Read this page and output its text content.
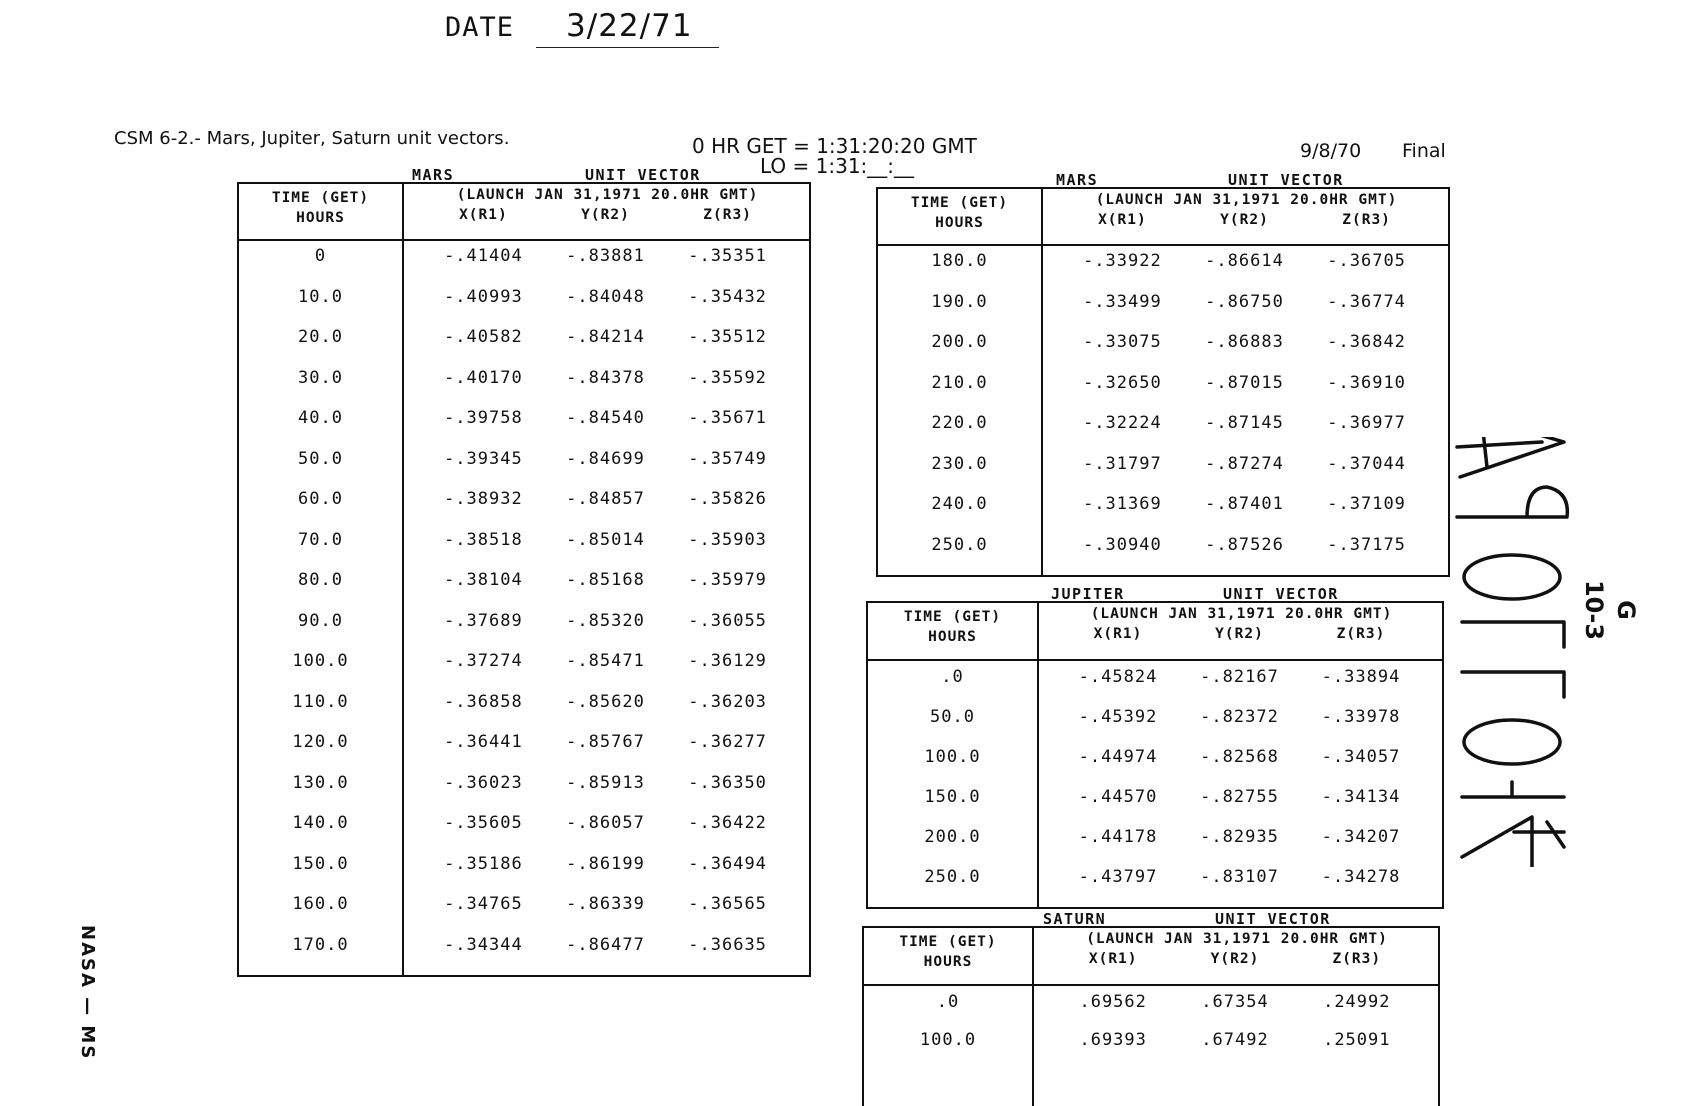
DATE 3/22/71
CSM 6-2.- Mars, Jupiter, Saturn unit vectors.	0 HR GET = 1:31:20:20 GMT
LO = 1:31:__:__
9/8/70 Final
MARS	UNIT VECTOR
TIME (GET)
HOURS
(LAUNCH JAN 31,1971 20.0HR GMT)
X(R1)	Y(R2)	Z(R3)
0	-.41404	-.83881	-.35351
10.0	-.40993	-.84048	-.35432
20.0	-.40582	-.84214	-.35512
30.0	-.40170	-.84378	-.35592
40.0	-.39758	-.84540	-.35671
50.0	-.39345	-.84699	-.35749
60.0	-.38932	-.84857	-.35826
70.0	-.38518	-.85014	-.35903
80.0	-.38104	-.85168	-.35979
90.0	-.37689	-.85320	-.36055
100.0	-.37274	-.85471	-.36129
110.0	-.36858	-.85620	-.36203
120.0	-.36441	-.85767	-.36277
130.0	-.36023	-.85913	-.36350
140.0	-.35605	-.86057	-.36422
150.0	-.35186	-.86199	-.36494
160.0	-.34765	-.86339	-.36565
170.0	-.34344	-.86477	-.36635
MARS	UNIT VECTOR
TIME (GET)
HOURS
(LAUNCH JAN 31,1971 20.0HR GMT)
X(R1)	Y(R2)	Z(R3)
180.0	-.33922	-.86614	-.36705
190.0	-.33499	-.86750	-.36774
200.0	-.33075	-.86883	-.36842
210.0	-.32650	-.87015	-.36910
220.0	-.32224	-.87145	-.36977
230.0	-.31797	-.87274	-.37044
240.0	-.31369	-.87401	-.37109
250.0	-.30940	-.87526	-.37175
JUPITER	UNIT VECTOR
TIME (GET)
HOURS
(LAUNCH JAN 31,1971 20.0HR GMT)
X(R1)	Y(R2)	Z(R3)
.0	-.45824	-.82167	-.33894
50.0	-.45392	-.82372	-.33978
100.0	-.44974	-.82568	-.34057
150.0	-.44570	-.82755	-.34134
200.0	-.44178	-.82935	-.34207
250.0	-.43797	-.83107	-.34278
SATURN	UNIT VECTOR
TIME (GET)
HOURS
(LAUNCH JAN 31,1971 20.0HR GMT)
X(R1)	Y(R2)	Z(R3)
.0	.69562	.67354	.24992
100.0	.69393	.67492	.25091
G
10-3
NASA — MS
